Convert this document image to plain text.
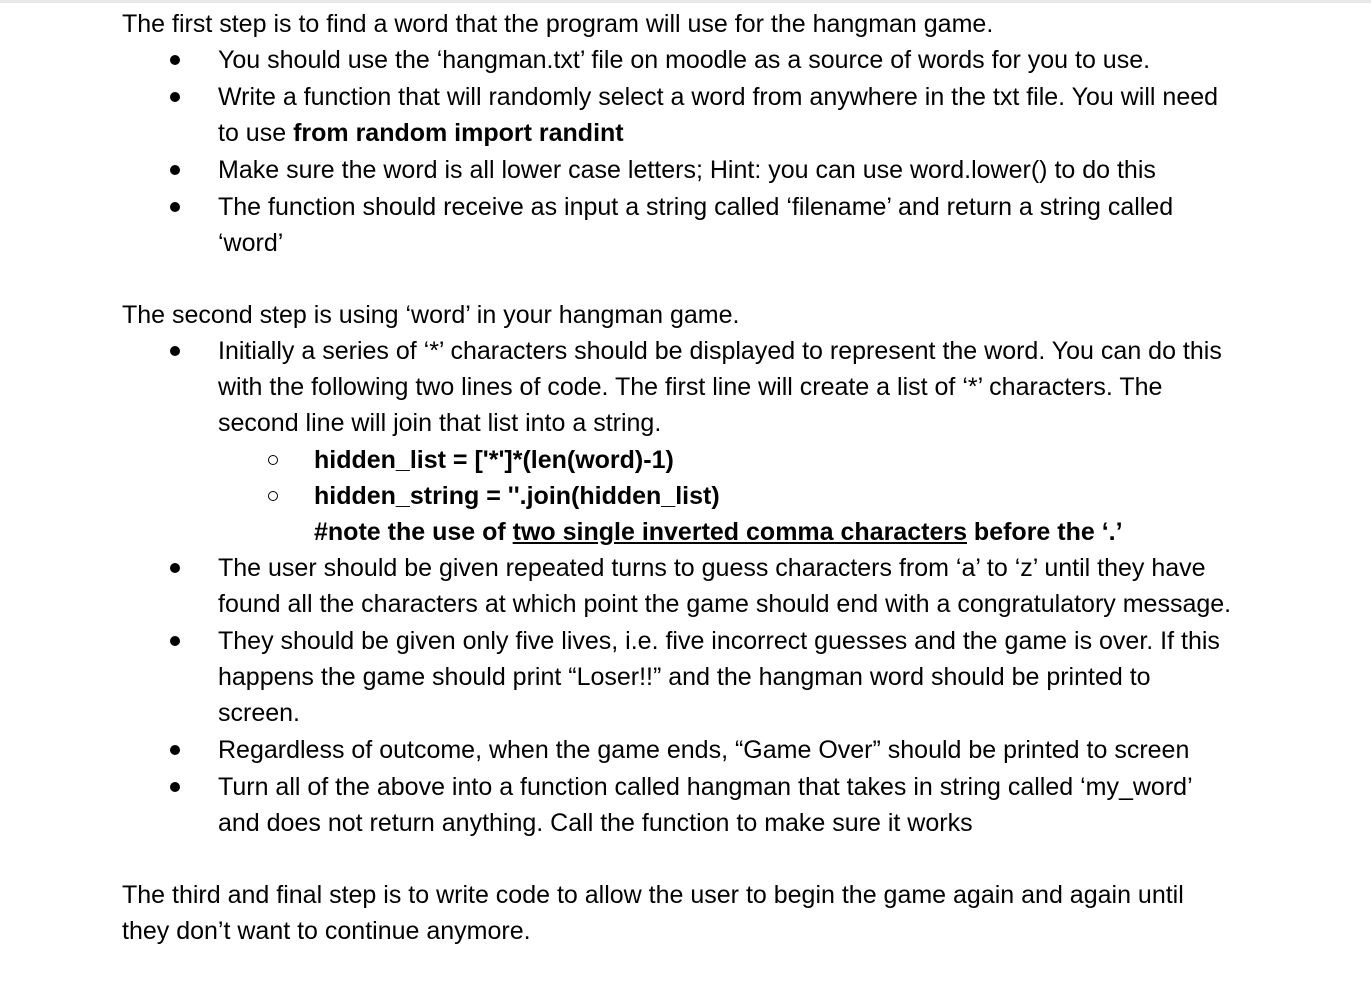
The first step is to find a word that the program will use for the hangman game.

You should use the ‘hangman.txt’ file on moodle as a source of words for you to use.
Write a function that will randomly select a word from anywhere in the txt file. You will need
to use from random import randint
Make sure the word is all lower case letters; Hint: you can use word.lower() to do this
The function should receive as input a string called ‘filename’ and return a string called
‘word’

The second step is using ‘word’ in your hangman game.

Initially a series of ‘*’ characters should be displayed to represent the word. You can do this
with the following two lines of code. The first line will create a list of ‘*’ characters. The
second line will join that list into a string.
hidden_list = ['*']*(len(word)-1)
hidden_string = ''.join(hidden_list)
#note the use of two single inverted comma characters before the ‘.’
The user should be given repeated turns to guess characters from ‘a’ to ‘z’ until they have
found all the characters at which point the game should end with a congratulatory message.
They should be given only five lives, i.e. five incorrect guesses and the game is over. If this
happens the game should print “Loser!!” and the hangman word should be printed to
screen.
Regardless of outcome, when the game ends, “Game Over” should be printed to screen
Turn all of the above into a function called hangman that takes in string called ‘my_word’
and does not return anything. Call the function to make sure it works

The third and final step is to write code to allow the user to begin the game again and again until

they don’t want to continue anymore.
